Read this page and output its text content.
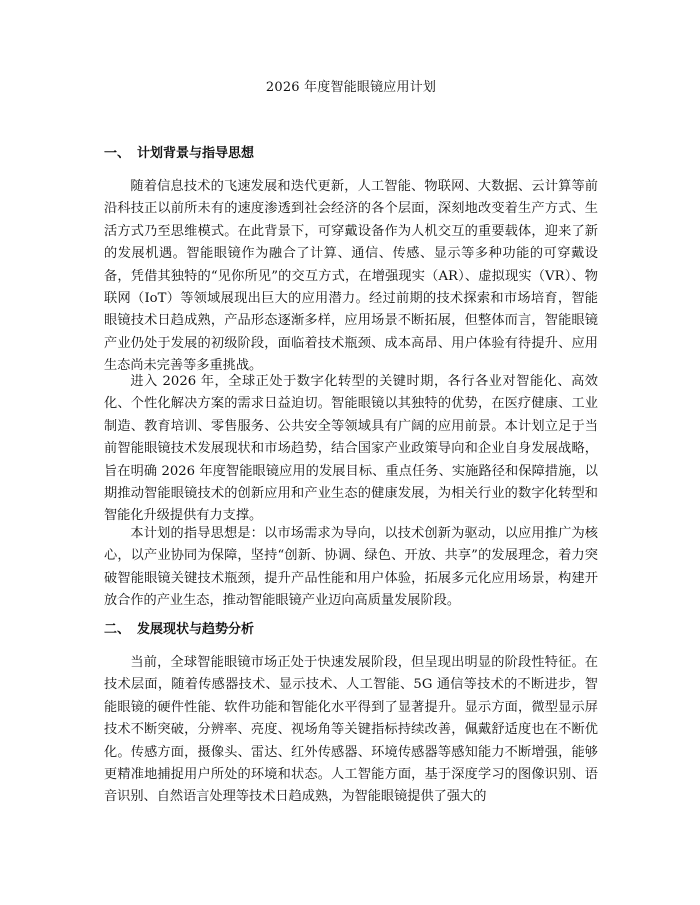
2026 年度智能眼镜应用计划
一、 计划背景与指导思想

随着信息技术的飞速发展和迭代更新，人工智能、物联网、大数据、云计算等前沿科技正以前所未有的速度渗透到社会经济的各个层面，深刻地改变着生产方式、生活方式乃至思维模式。在此背景下，可穿戴设备作为人机交互的重要载体，迎来了新的发展机遇。智能眼镜作为融合了计算、通信、传感、显示等多种功能的可穿戴设备，凭借其独特的“见你所见”的交互方式，在增强现实（AR）、虚拟现实（VR）、物联网（IoT）等领域展现出巨大的应用潜力。经过前期的技术探索和市场培育，智能眼镜技术日趋成熟，产品形态逐渐多样，应用场景不断拓展，但整体而言，智能眼镜产业仍处于发展的初级阶段，面临着技术瓶颈、成本高昂、用户体验有待提升、应用生态尚未完善等多重挑战。

进入 2026 年，全球正处于数字化转型的关键时期，各行各业对智能化、高效化、个性化解决方案的需求日益迫切。智能眼镜以其独特的优势，在医疗健康、工业制造、教育培训、零售服务、公共安全等领域具有广阔的应用前景。本计划立足于当前智能眼镜技术发展现状和市场趋势，结合国家产业政策导向和企业自身发展战略，旨在明确 2026 年度智能眼镜应用的发展目标、重点任务、实施路径和保障措施，以期推动智能眼镜技术的创新应用和产业生态的健康发展，为相关行业的数字化转型和智能化升级提供有力支撑。

本计划的指导思想是：以市场需求为导向，以技术创新为驱动，以应用推广为核心，以产业协同为保障，坚持“创新、协调、绿色、开放、共享”的发展理念，着力突破智能眼镜关键技术瓶颈，提升产品性能和用户体验，拓展多元化应用场景，构建开放合作的产业生态，推动智能眼镜产业迈向高质量发展阶段。

二、 发展现状与趋势分析

当前，全球智能眼镜市场正处于快速发展阶段，但呈现出明显的阶段性特征。在技术层面，随着传感器技术、显示技术、人工智能、5G 通信等技术的不断进步，智能眼镜的硬件性能、软件功能和智能化水平得到了显著提升。显示方面，微型显示屏技术不断突破，分辨率、亮度、视场角等关键指标持续改善，佩戴舒适度也在不断优化。传感方面，摄像头、雷达、红外传感器、环境传感器等感知能力不断增强，能够更精准地捕捉用户所处的环境和状态。人工智能方面，基于深度学习的图像识别、语音识别、自然语言处理等技术日趋成熟，为智能眼镜提供了强大的
